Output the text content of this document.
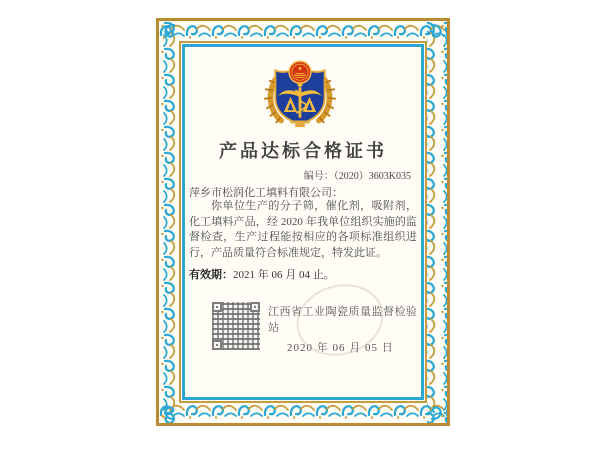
产品达标合格证书
编号：（2020）3603K035
萍乡市松润化工填料有限公司：
你单位生产的分子筛，催化剂，吸附剂，化工填料产品，经 2020 年我单位组织实施的监督检查，生产过程能按相应的各项标准组织进行，产品质量符合标准规定，特发此证。
有效期：2021 年 06 月 04 止。
江西省工业陶瓷质量监督检验站
2020 年 06 月 05 日
